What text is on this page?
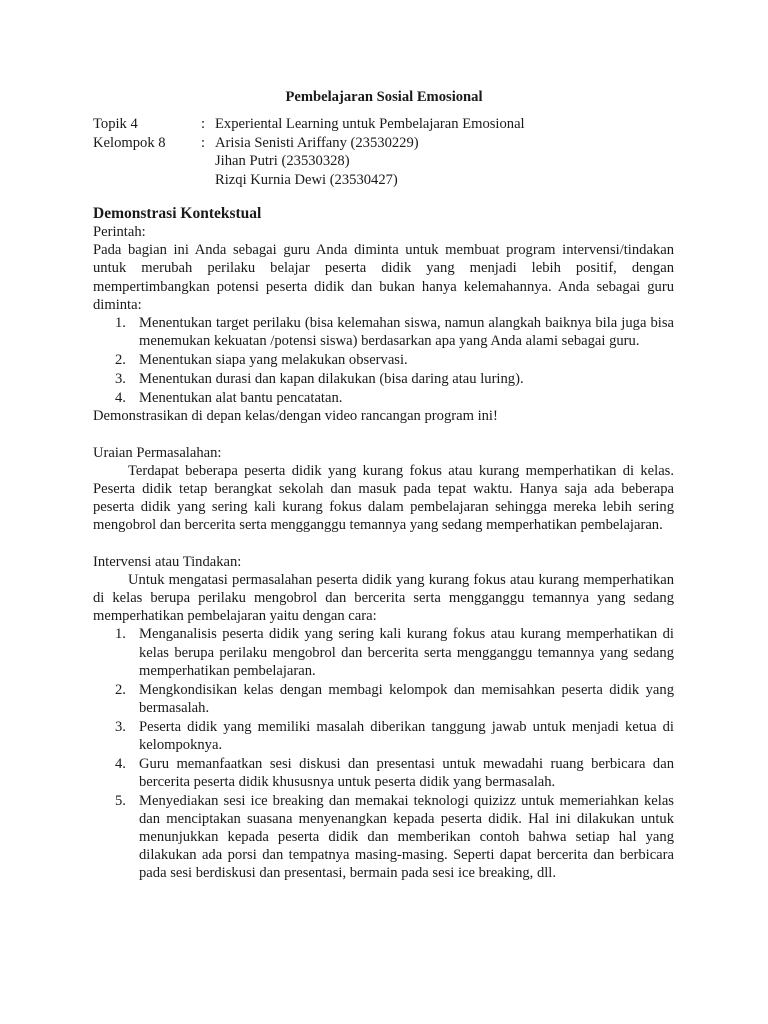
Pembelajaran Sosial Emosional
Topik 4	: Experiental Learning untuk Pembelajaran Emosional
Kelompok 8	: Arisia Senisti Ariffany (23530229)
Jihan Putri (23530328)
Rizqi Kurnia Dewi (23530427)
Demonstrasi Kontekstual

Perintah:

Pada bagian ini Anda sebagai guru Anda diminta untuk membuat program intervensi/tindakan untuk merubah perilaku belajar peserta didik yang menjadi lebih positif, dengan mempertimbangkan potensi peserta didik dan bukan hanya kelemahannya. Anda sebagai guru diminta:

1. Menentukan target perilaku (bisa kelemahan siswa, namun alangkah baiknya bila juga bisa menemukan kekuatan /potensi siswa) berdasarkan apa yang Anda alami sebagai guru.
2. Menentukan siapa yang melakukan observasi.
3. Menentukan durasi dan kapan dilakukan (bisa daring atau luring).
4. Menentukan alat bantu pencatatan.

Demonstrasikan di depan kelas/dengan video rancangan program ini!

Uraian Permasalahan:

Terdapat beberapa peserta didik yang kurang fokus atau kurang memperhatikan di kelas. Peserta didik tetap berangkat sekolah dan masuk pada tepat waktu. Hanya saja ada beberapa peserta didik yang sering kali kurang fokus dalam pembelajaran sehingga mereka lebih sering mengobrol dan bercerita serta mengganggu temannya yang sedang memperhatikan pembelajaran.

Intervensi atau Tindakan:

Untuk mengatasi permasalahan peserta didik yang kurang fokus atau kurang memperhatikan di kelas berupa perilaku mengobrol dan bercerita serta mengganggu temannya yang sedang memperhatikan pembelajaran yaitu dengan cara:

1. Menganalisis peserta didik yang sering kali kurang fokus atau kurang memperhatikan di kelas berupa perilaku mengobrol dan bercerita serta mengganggu temannya yang sedang memperhatikan pembelajaran.
2. Mengkondisikan kelas dengan membagi kelompok dan memisahkan peserta didik yang bermasalah.
3. Peserta didik yang memiliki masalah diberikan tanggung jawab untuk menjadi ketua di kelompoknya.
4. Guru memanfaatkan sesi diskusi dan presentasi untuk mewadahi ruang berbicara dan bercerita peserta didik khususnya untuk peserta didik yang bermasalah.
5. Menyediakan sesi ice breaking dan memakai teknologi quizizz untuk memeriahkan kelas dan menciptakan suasana menyenangkan kepada peserta didik. Hal ini dilakukan untuk menunjukkan kepada peserta didik dan memberikan contoh bahwa setiap hal yang dilakukan ada porsi dan tempatnya masing-masing. Seperti dapat bercerita dan berbicara pada sesi berdiskusi dan presentasi, bermain pada sesi ice breaking, dll.
